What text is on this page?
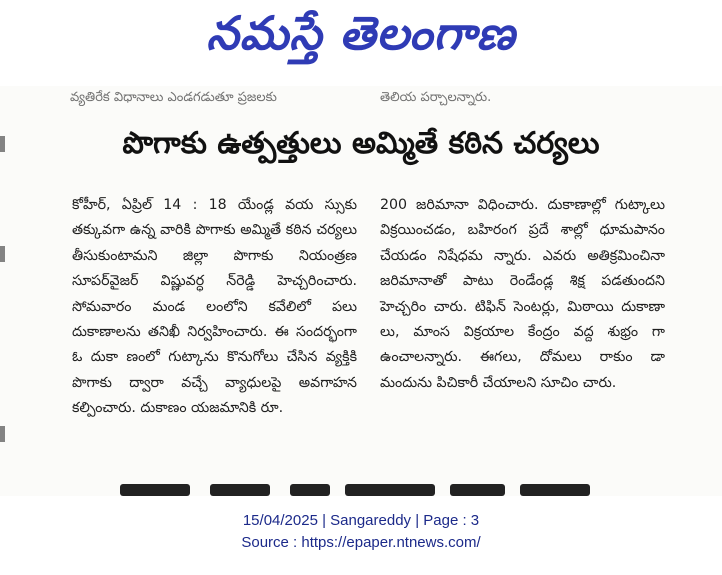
నమస్తే తెలంగాణ
వ్యతిరేక విధానాలు ఎండగడుతూ ప్రజలకు	తెలియ పర్చాలన్నారు.
పొగాకు ఉత్పత్తులు అమ్మితే కఠిన చర్యలు

కోహీర్, ఏప్రిల్ 14 : 18 యేండ్ల వయ స్సుకు తక్కువగా ఉన్న వారికి పొగాకు అమ్మితే కఠిన చర్యలు తీసుకుంటామని జిల్లా పొగాకు నియంత్రణ సూపర్‌వైజర్ విష్ణువర్ధ న్‌రెడ్డి హెచ్చరించారు. సోమవారం మండ లంలోని కవేలిలో పలు దుకాణాలను తనిఖీ నిర్వహించారు. ఈ సందర్భంగా ఓ దుకా ణంలో గుట్కాను కొనుగోలు చేసిన వ్యక్తికి పొగాకు ద్వారా వచ్చే వ్యాధులపై అవగాహన కల్పించారు. దుకాణం యజమానికి రూ.

200 జరిమానా విధించారు. దుకాణాల్లో గుట్కాలు విక్రయించడం, బహిరంగ ప్రదే శాల్లో ధూమపానం చేయడం నిషేధమ న్నారు. ఎవరు అతిక్రమించినా జరిమానాతో పాటు రెండేండ్ల శిక్ష పడతుందని హెచ్చరిం చారు. టిఫిన్ సెంటర్లు, మిఠాయి దుకాణా లు, మాంస విక్రయాల కేంద్రం వద్ద శుభ్రం గా ఉంచాలన్నారు. ఈగలు, దోమలు రాకుం డా మందును పిచికారీ చేయాలని సూచిం చారు.

15/04/2025 | Sangareddy | Page : 3
Source : https://epaper.ntnews.com/
